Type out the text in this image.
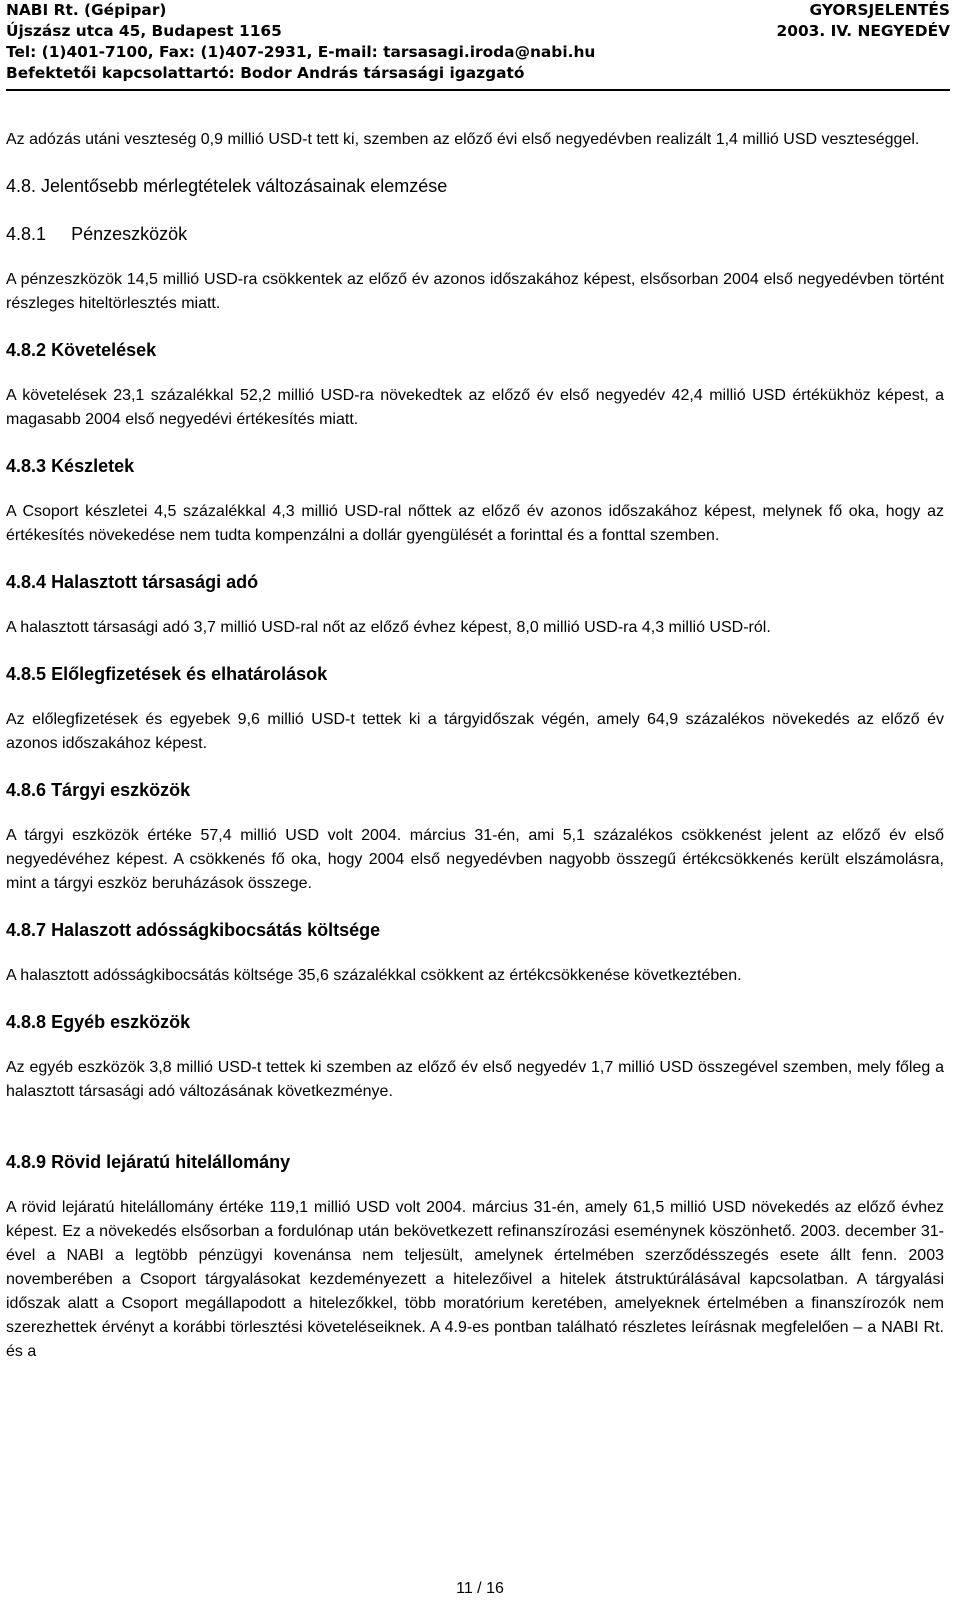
NABI Rt. (Gépipar)
Újszász utca 45, Budapest 1165
Tel: (1)401-7100, Fax: (1)407-2931, E-mail: tarsasagi.iroda@nabi.hu
Befektetői kapcsolattartó: Bodor András társasági igazgató
GYORSJELENTÉS
2003. IV. NEGYEDÉV

Az adózás utáni veszteség 0,9 millió USD-t tett ki, szemben az előző évi első negyedévben realizált 1,4 millió USD veszteséggel.

4.8. Jelentősebb mérlegtételek változásainak elemzése
4.8.1 Pénzeszközök

A pénzeszközök 14,5 millió USD-ra csökkentek az előző év azonos időszakához képest, elsősorban 2004 első negyedévben történt részleges hiteltörlesztés miatt.

4.8.2 Követelések

A követelések 23,1 százalékkal 52,2 millió USD-ra növekedtek az előző év első negyedév 42,4 millió USD értékükhöz képest, a magasabb 2004 első negyedévi értékesítés miatt.

4.8.3 Készletek

A Csoport készletei 4,5 százalékkal 4,3 millió USD-ral nőttek az előző év azonos időszakához képest, melynek fő oka, hogy az értékesítés növekedése nem tudta kompenzálni a dollár gyengülését a forinttal és a fonttal szemben.

4.8.4 Halasztott társasági adó

A halasztott társasági adó 3,7 millió USD-ral nőt az előző évhez képest, 8,0 millió USD-ra 4,3 millió USD-ról.

4.8.5 Előlegfizetések és elhatárolások

Az előlegfizetések és egyebek 9,6 millió USD-t tettek ki a tárgyidőszak végén, amely 64,9 százalékos növekedés az előző év azonos időszakához képest.

4.8.6 Tárgyi eszközök

A tárgyi eszközök értéke 57,4 millió USD volt 2004. március 31-én, ami 5,1 százalékos csökkenést jelent az előző év első negyedévéhez képest. A csökkenés fő oka, hogy 2004 első negyedévben nagyobb összegű értékcsökkenés került elszámolásra, mint a tárgyi eszköz beruházások összege.

4.8.7 Halaszott adósságkibocsátás költsége

A halasztott adósságkibocsátás költsége 35,6 százalékkal csökkent az értékcsökkenése következtében.

4.8.8 Egyéb eszközök

Az egyéb eszközök 3,8 millió USD-t tettek ki szemben az előző év első negyedév 1,7 millió USD összegével szemben, mely főleg a halasztott társasági adó változásának következménye.

4.8.9 Rövid lejáratú hitelállomány

A rövid lejáratú hitelállomány értéke 119,1 millió USD volt 2004. március 31-én, amely 61,5 millió USD növekedés az előző évhez képest. Ez a növekedés elsősorban a fordulónap után bekövetkezett refinanszírozási eseménynek köszönhető. 2003. december 31-ével a NABI a legtöbb pénzügyi kovenánsa nem teljesült, amelynek értelmében szerződésszegés esete állt fenn. 2003 novemberében a Csoport tárgyalásokat kezdeményezett a hitelezőivel a hitelek átstruktúrálásával kapcsolatban. A tárgyalási időszak alatt a Csoport megállapodott a hitelezőkkel, több moratórium keretében, amelyeknek értelmében a finanszírozók nem szerezhettek érvényt a korábbi törlesztési követeléseiknek. A 4.9-es pontban található részletes leírásnak megfelelően – a NABI Rt. és a

11 / 16
